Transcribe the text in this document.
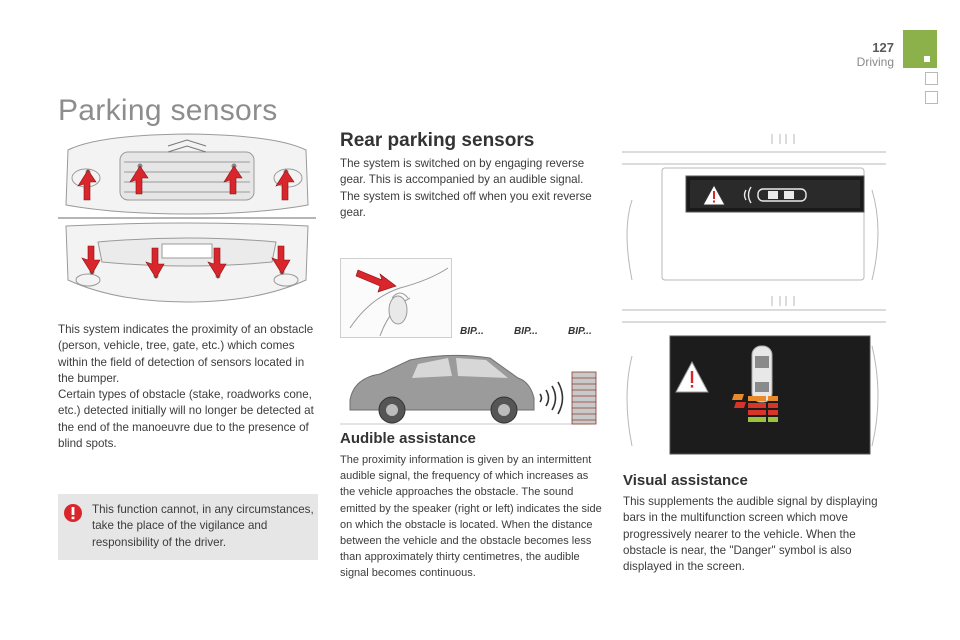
127
Driving
Parking sensors

This system indicates the proximity of an obstacle (person, vehicle, tree, gate, etc.) which comes within the field of detection of sensors located in the bumper.

Certain types of obstacle (stake, roadworks cone, etc.) detected initially will no longer be detected at the end of the manoeuvre due to the presence of blind spots.

This function cannot, in any circumstances, take the place of the vigilance and responsibility of the driver.

Rear parking sensors

The system is switched on by engaging reverse gear. This is accompanied by an audible signal. The system is switched off when you exit reverse gear.

BIP...	BIP...	BIP...
Audible assistance

The proximity information is given by an intermittent audible signal, the frequency of which increases as the vehicle approaches the obstacle. The sound emitted by the speaker (right or left) indicates the side on which the obstacle is located. When the distance between the vehicle and the obstacle becomes less than approximately thirty centimetres, the audible signal becomes continuous.

Visual assistance

This supplements the audible signal by displaying bars in the multifunction screen which move progressively nearer to the vehicle. When the obstacle is near, the "Danger" symbol is also displayed in the screen.
